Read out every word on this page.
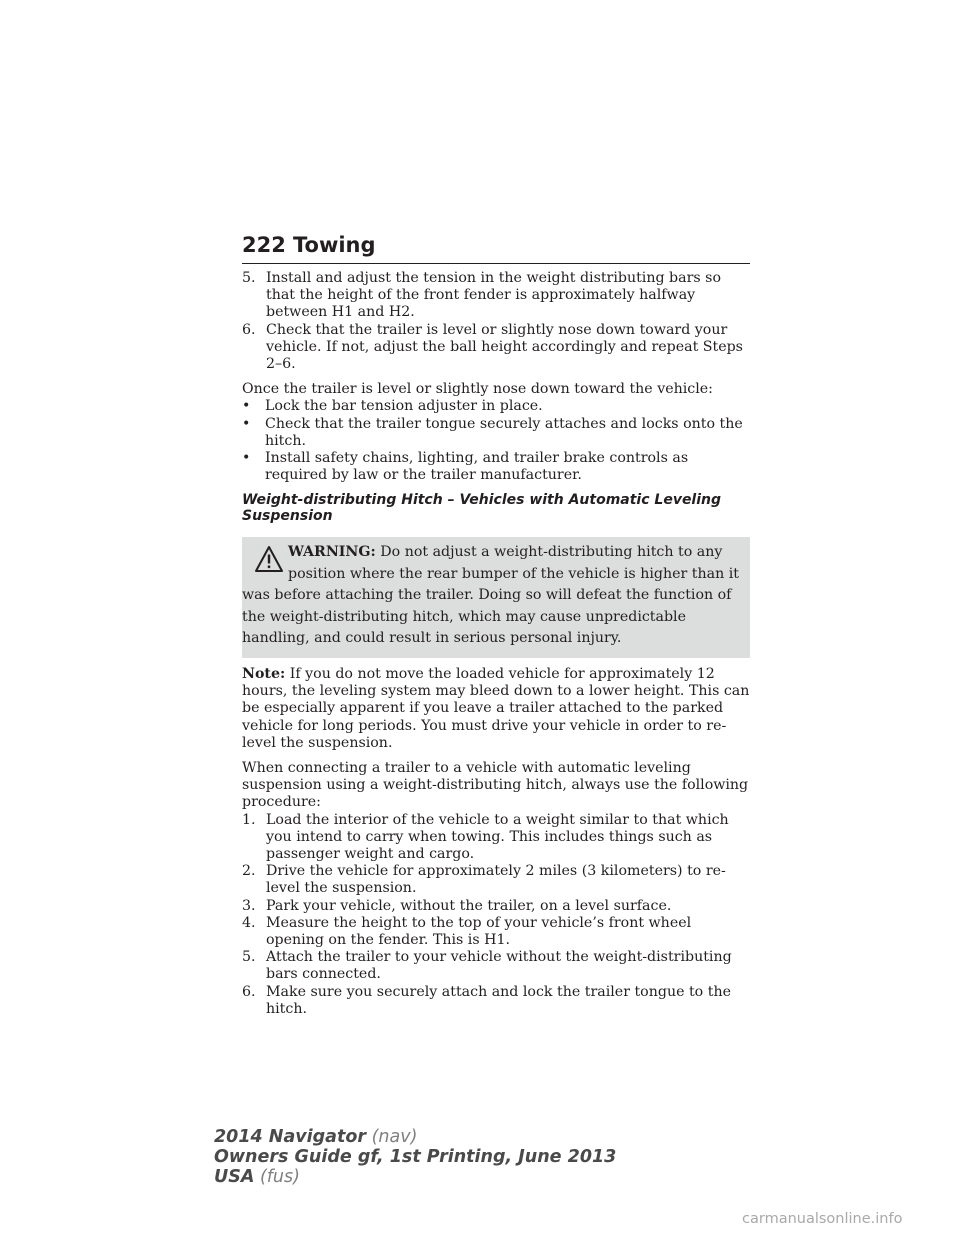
222 Towing
5. Install and adjust the tension in the weight distributing bars so that the height of the front fender is approximately halfway between H1 and H2.
6. Check that the trailer is level or slightly nose down toward your vehicle. If not, adjust the ball height accordingly and repeat Steps 2–6.

Once the trailer is level or slightly nose down toward the vehicle:

• Lock the bar tension adjuster in place.
• Check that the trailer tongue securely attaches and locks onto the hitch.
• Install safety chains, lighting, and trailer brake controls as required by law or the trailer manufacturer.

Weight-distributing Hitch – Vehicles with Automatic Leveling Suspension

WARNING: Do not adjust a weight-distributing hitch to any
position where the rear bumper of the vehicle is higher than it
was before attaching the trailer. Doing so will defeat the function of the weight-distributing hitch, which may cause unpredictable handling, and could result in serious personal injury.

Note: If you do not move the loaded vehicle for approximately 12 hours, the leveling system may bleed down to a lower height. This can be especially apparent if you leave a trailer attached to the parked vehicle for long periods. You must drive your vehicle in order to re-level the suspension.

When connecting a trailer to a vehicle with automatic leveling suspension using a weight-distributing hitch, always use the following procedure:

1. Load the interior of the vehicle to a weight similar to that which you intend to carry when towing. This includes things such as passenger weight and cargo.
2. Drive the vehicle for approximately 2 miles (3 kilometers) to re-level the suspension.
3. Park your vehicle, without the trailer, on a level surface.
4. Measure the height to the top of your vehicle’s front wheel opening on the fender. This is H1.
5. Attach the trailer to your vehicle without the weight-distributing bars connected.
6. Make sure you securely attach and lock the trailer tongue to the hitch.
2014 Navigator (nav)
Owners Guide gf, 1st Printing, June 2013
USA (fus)
carmanualsonline.info
